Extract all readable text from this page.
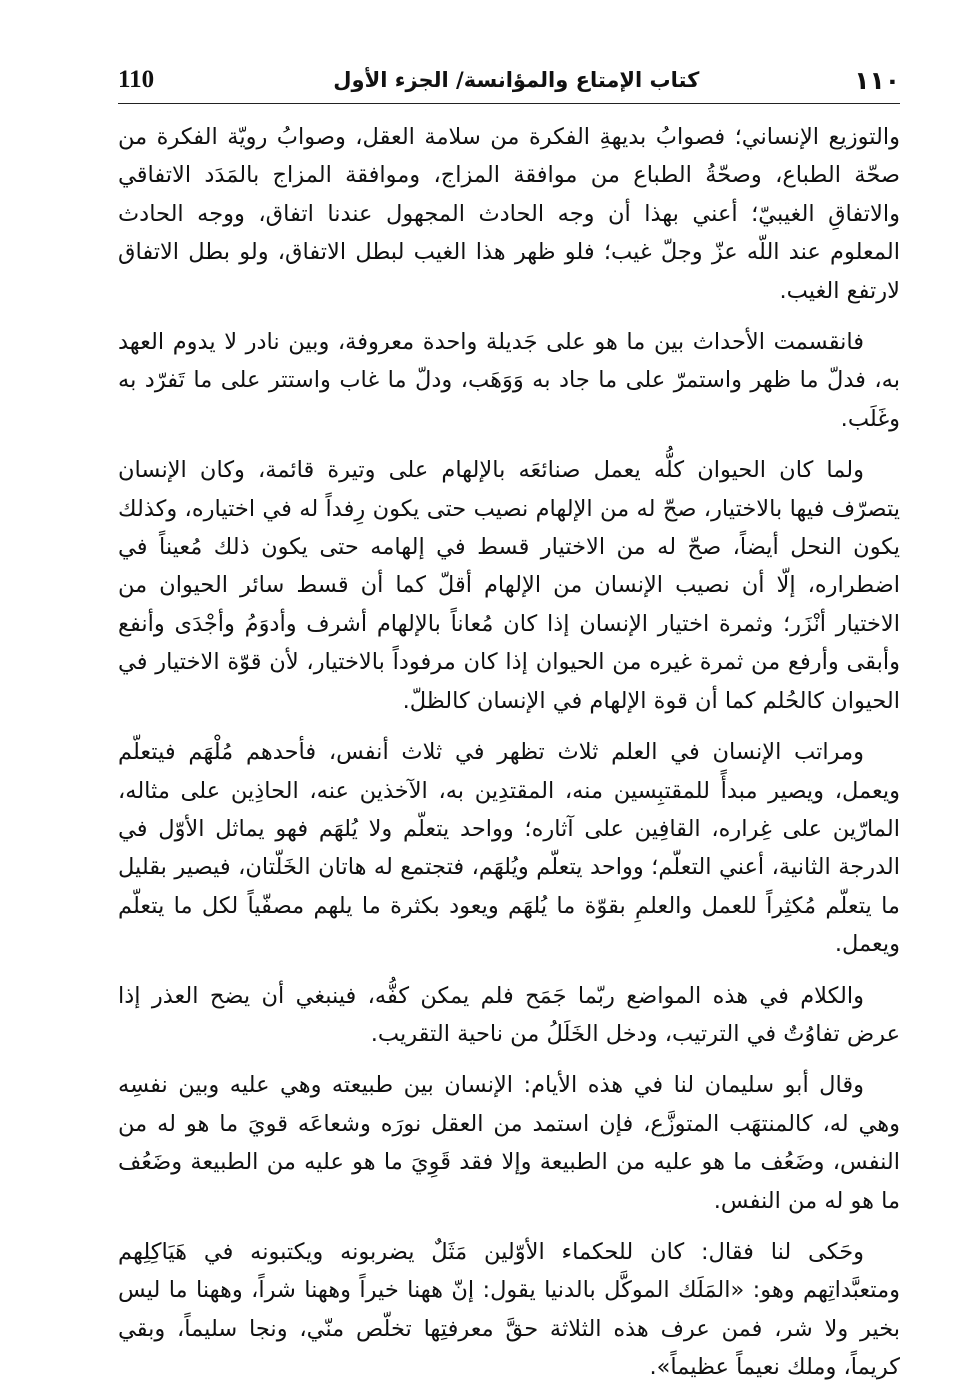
110	كتاب الإمتاع والمؤانسة/ الجزء الأول	١١٠

والتوزيع الإنساني؛ فصوابُ بديهةِ الفكرة من سلامة العقل، وصوابُ رويّة الفكرة من صحّة الطباع، وصحّةُ الطباع من موافقة المزاج، وموافقة المزاج بالمَدَد الاتفاقي والاتفاقِ الغيبيّ؛ أعني بهذا أن وجه الحادث المجهول عندنا اتفاق، ووجه الحادث المعلوم عند اللّه عزّ وجلّ غيب؛ فلو ظهر هذا الغيب لبطل الاتفاق، ولو بطل الاتفاق لارتفع الغيب.

فانقسمت الأحداث بين ما هو على جَديلة واحدة معروفة، وبين نادر لا يدوم العهد به، فدلّ ما ظهر واستمرّ على ما جاد به وَوَهَب، ودلّ ما غاب واستتر على ما تَفرّد به وغَلَب.

ولما كان الحيوان كلُّه يعمل صنائعَه بالإلهام على وتيرة قائمة، وكان الإنسان يتصرّف فيها بالاختيار، صحّ له من الإلهام نصيب حتى يكون رِفداً له في اختياره، وكذلك يكون النحل أيضاً، صحّ له من الاختيار قسط في إلهامه حتى يكون ذلك مُعيناً في اضطراره، إلّا أن نصيب الإنسان من الإلهام أقلّ كما أن قسط سائر الحيوان من الاختيار أنْزَر؛ وثمرة اختيار الإنسان إذا كان مُعاناً بالإلهام أشرف وأدوَمُ وأجْدَى وأنفع وأبقى وأرفع من ثمرة غيره من الحيوان إذا كان مرفوداً بالاختيار، لأن قوّة الاختيار في الحيوان كالحُلم كما أن قوة الإلهام في الإنسان كالظلّ.

ومراتب الإنسان في العلم ثلاث تظهر في ثلاث أنفس، فأحدهم مُلْهَم فيتعلّم ويعمل، ويصير مبدأً للمقتبِسين منه، المقتدِين به، الآخذين عنه، الحاذِين على مثاله، المارّين على غِراره، القافِين على آثاره؛ وواحد يتعلّم ولا يُلهَم فهو يماثل الأوّل في الدرجة الثانية، أعني التعلّم؛ وواحد يتعلّم ويُلهَم، فتجتمع له هاتان الخَلّتان، فيصير بقليل ما يتعلّم مُكثِراً للعمل والعلمِ بقوّة ما يُلهَم ويعود بكثرة ما يلهم مصفّياً لكل ما يتعلّم ويعمل.

والكلام في هذه المواضع ربّما جَمَح فلم يمكن كفُّه، فينبغي أن يضح العذر إذا عرض تفاوُتٌ في الترتيب، ودخل الخَلَلُ من ناحية التقريب.

وقال أبو سليمان لنا في هذه الأيام: الإنسان بين طبيعته وهي عليه وبين نفسِه وهي له، كالمنتهَب المتوزَّع، فإن استمد من العقل نورَه وشعاعَه قويَ ما هو له من النفس، وضَعُف ما هو عليه من الطبيعة وإلا فقد قَوِيَ ما هو عليه من الطبيعة وضَعُف ما هو له من النفس.

وحَكى لنا فقال: كان للحكماء الأوّلين مَثَلٌ يضربونه ويكتبونه في هَيَاكِلِهم ومتعبَّداتِهم وهو: «المَلَك الموكَّل بالدنيا يقول: إنّ ههنا خيراً وههنا شراً، وههنا ما ليس بخير ولا شر، فمن عرف هذه الثلاثة حقَّ معرفتِها تخلّص منّي، ونجا سليماً، وبقي كريماً، وملك نعيماً عظيماً».
